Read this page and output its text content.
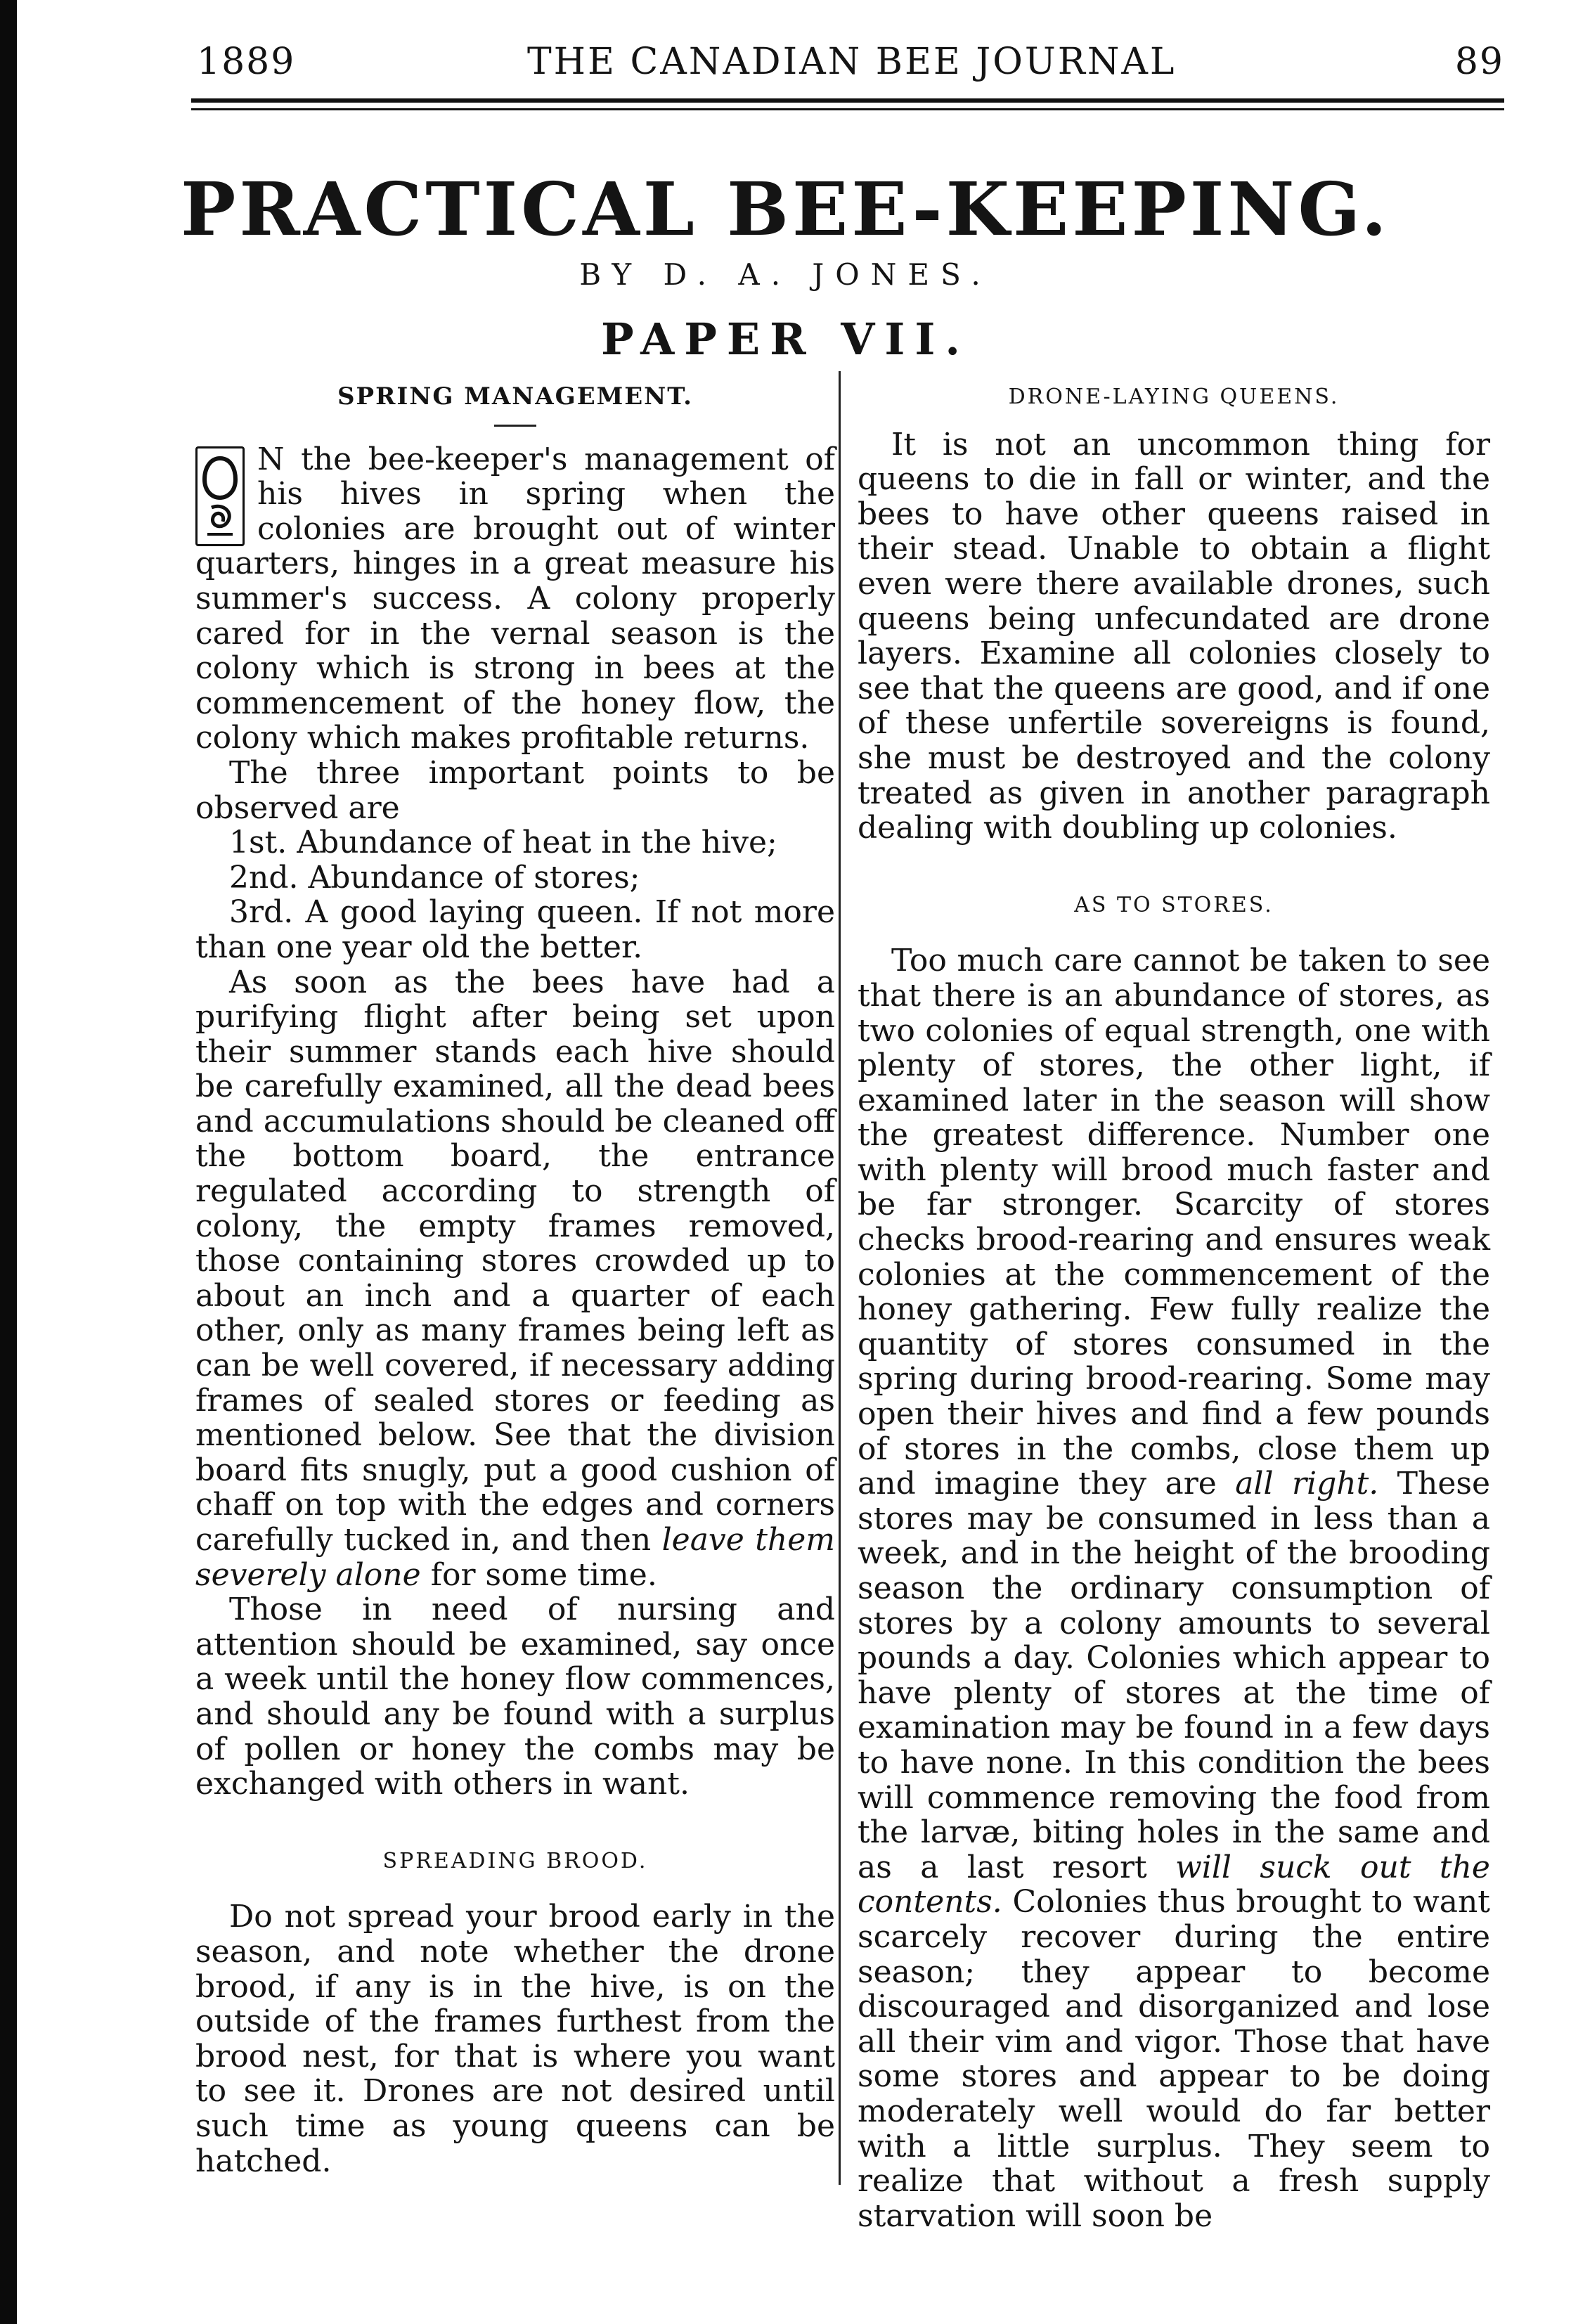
1889	THE CANADIAN BEE JOURNAL	89
PRACTICAL BEE-KEEPING.
BY D. A. JONES.
PAPER VII.
SPRING MANAGEMENT.

N the bee-keeper's management of his hives in spring when the colonies are brought out of winter quarters, hinges in a great measure his summer's success. A colony properly cared for in the vernal season is the colony which is strong in bees at the commencement of the honey flow, the colony which makes profitable returns.

The three important points to be observed are

1st. Abundance of heat in the hive;

2nd. Abundance of stores;

3rd. A good laying queen. If not more than one year old the better.

As soon as the bees have had a purifying flight after being set upon their summer stands each hive should be carefully examined, all the dead bees and accumulations should be cleaned off the bottom board, the entrance regulated according to strength of colony, the empty frames removed, those containing stores crowded up to about an inch and a quarter of each other, only as many frames being left as can be well covered, if necessary adding frames of sealed stores or feeding as mentioned below. See that the division board fits snugly, put a good cushion of chaff on top with the edges and corners carefully tucked in, and then leave them severely alone for some time.

Those in need of nursing and attention should be examined, say once a week until the honey flow commences, and should any be found with a surplus of pollen or honey the combs may be exchanged with others in want.

SPREADING BROOD.

Do not spread your brood early in the season, and note whether the drone brood, if any is in the hive, is on the outside of the frames furthest from the brood nest, for that is where you want to see it. Drones are not desired until such time as young queens can be hatched.

DRONE-LAYING QUEENS.

It is not an uncommon thing for queens to die in fall or winter, and the bees to have other queens raised in their stead. Unable to obtain a flight even were there available drones, such queens being unfecundated are drone layers. Examine all colonies closely to see that the queens are good, and if one of these unfertile sovereigns is found, she must be destroyed and the colony treated as given in another paragraph dealing with doubling up colonies.

AS TO STORES.

Too much care cannot be taken to see that there is an abundance of stores, as two colonies of equal strength, one with plenty of stores, the other light, if examined later in the season will show the greatest difference. Number one with plenty will brood much faster and be far stronger. Scarcity of stores checks brood-rearing and ensures weak colonies at the commencement of the honey gathering. Few fully realize the quantity of stores consumed in the spring during brood-rearing. Some may open their hives and find a few pounds of stores in the combs, close them up and imagine they are all right. These stores may be consumed in less than a week, and in the height of the brooding season the ordinary consumption of stores by a colony amounts to several pounds a day. Colonies which appear to have plenty of stores at the time of examination may be found in a few days to have none. In this condition the bees will commence removing the food from the larvæ, biting holes in the same and as a last resort will suck out the contents. Colonies thus brought to want scarcely recover during the entire season; they appear to become discouraged and disorganized and lose all their vim and vigor. Those that have some stores and appear to be doing moderately well would do far better with a little surplus. They seem to realize that without a fresh supply starvation will soon be
